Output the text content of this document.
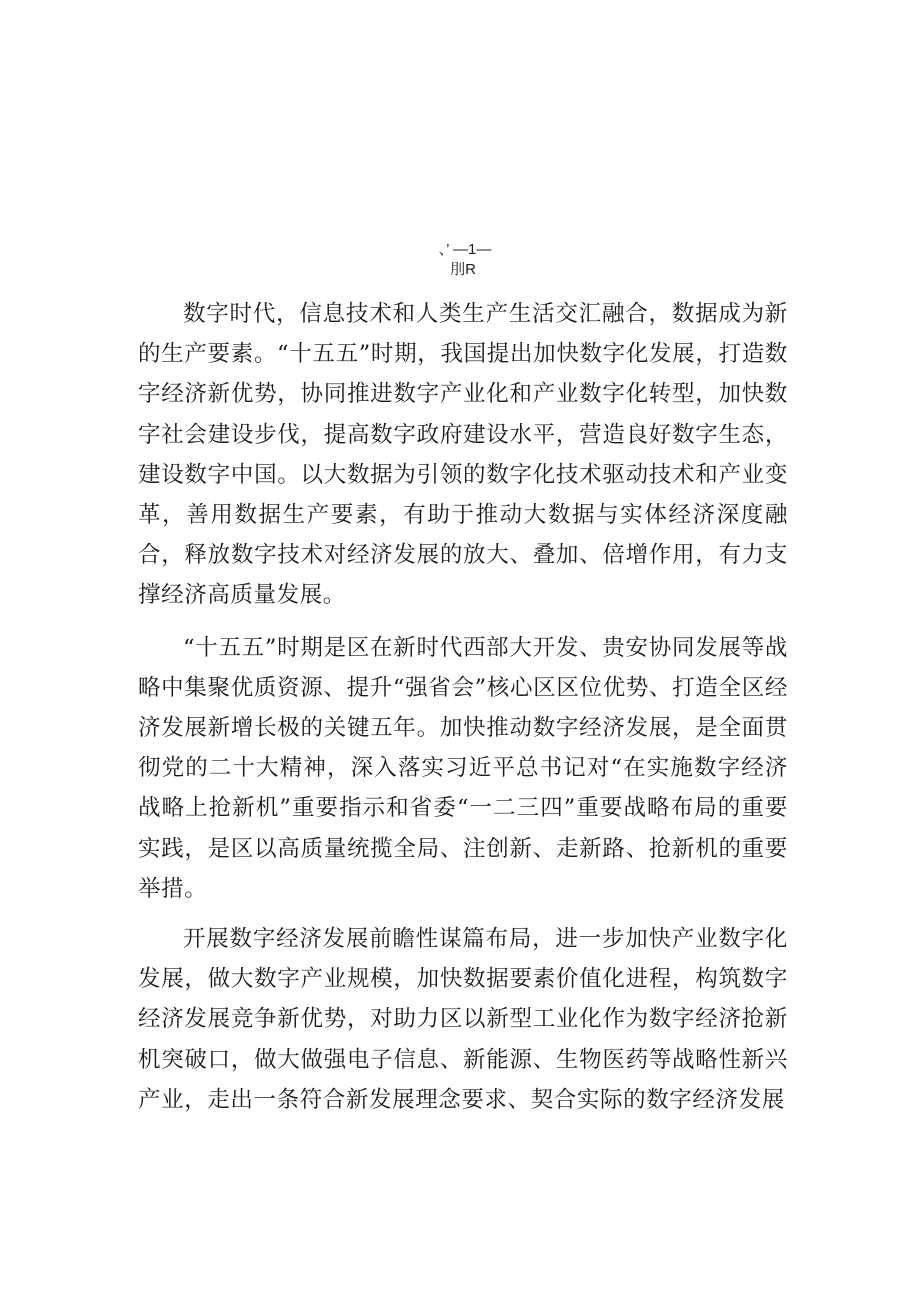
、’ —1—
刖R

数字时代，信息技术和人类生产生活交汇融合，数据成为新的生产要素。“十五五”时期，我国提出加快数字化发展，打造数字经济新优势，协同推进数字产业化和产业数字化转型，加快数字社会建设步伐，提高数字政府建设水平，营造良好数字生态，建设数字中国。以大数据为引领的数字化技术驱动技术和产业变革，善用数据生产要素，有助于推动大数据与实体经济深度融合，释放数字技术对经济发展的放大、叠加、倍增作用，有力支撑经济高质量发展。

“十五五”时期是区在新时代西部大开发、贵安协同发展等战略中集聚优质资源、提升“强省会”核心区区位优势、打造全区经济发展新增长极的关键五年。加快推动数字经济发展，是全面贯彻党的二十大精神，深入落实习近平总书记对“在实施数字经济战略上抢新机”重要指示和省委“一二三四”重要战略布局的重要实践，是区以高质量统揽全局、注创新、走新路、抢新机的重要举措。

开展数字经济发展前瞻性谋篇布局，进一步加快产业数字化发展，做大数字产业规模，加快数据要素价值化进程，构筑数字经济发展竞争新优势，对助力区以新型工业化作为数字经济抢新机突破口，做大做强电子信息、新能源、生物医药等战略性新兴产业，走出一条符合新发展理念要求、契合实际的数字经济发展
